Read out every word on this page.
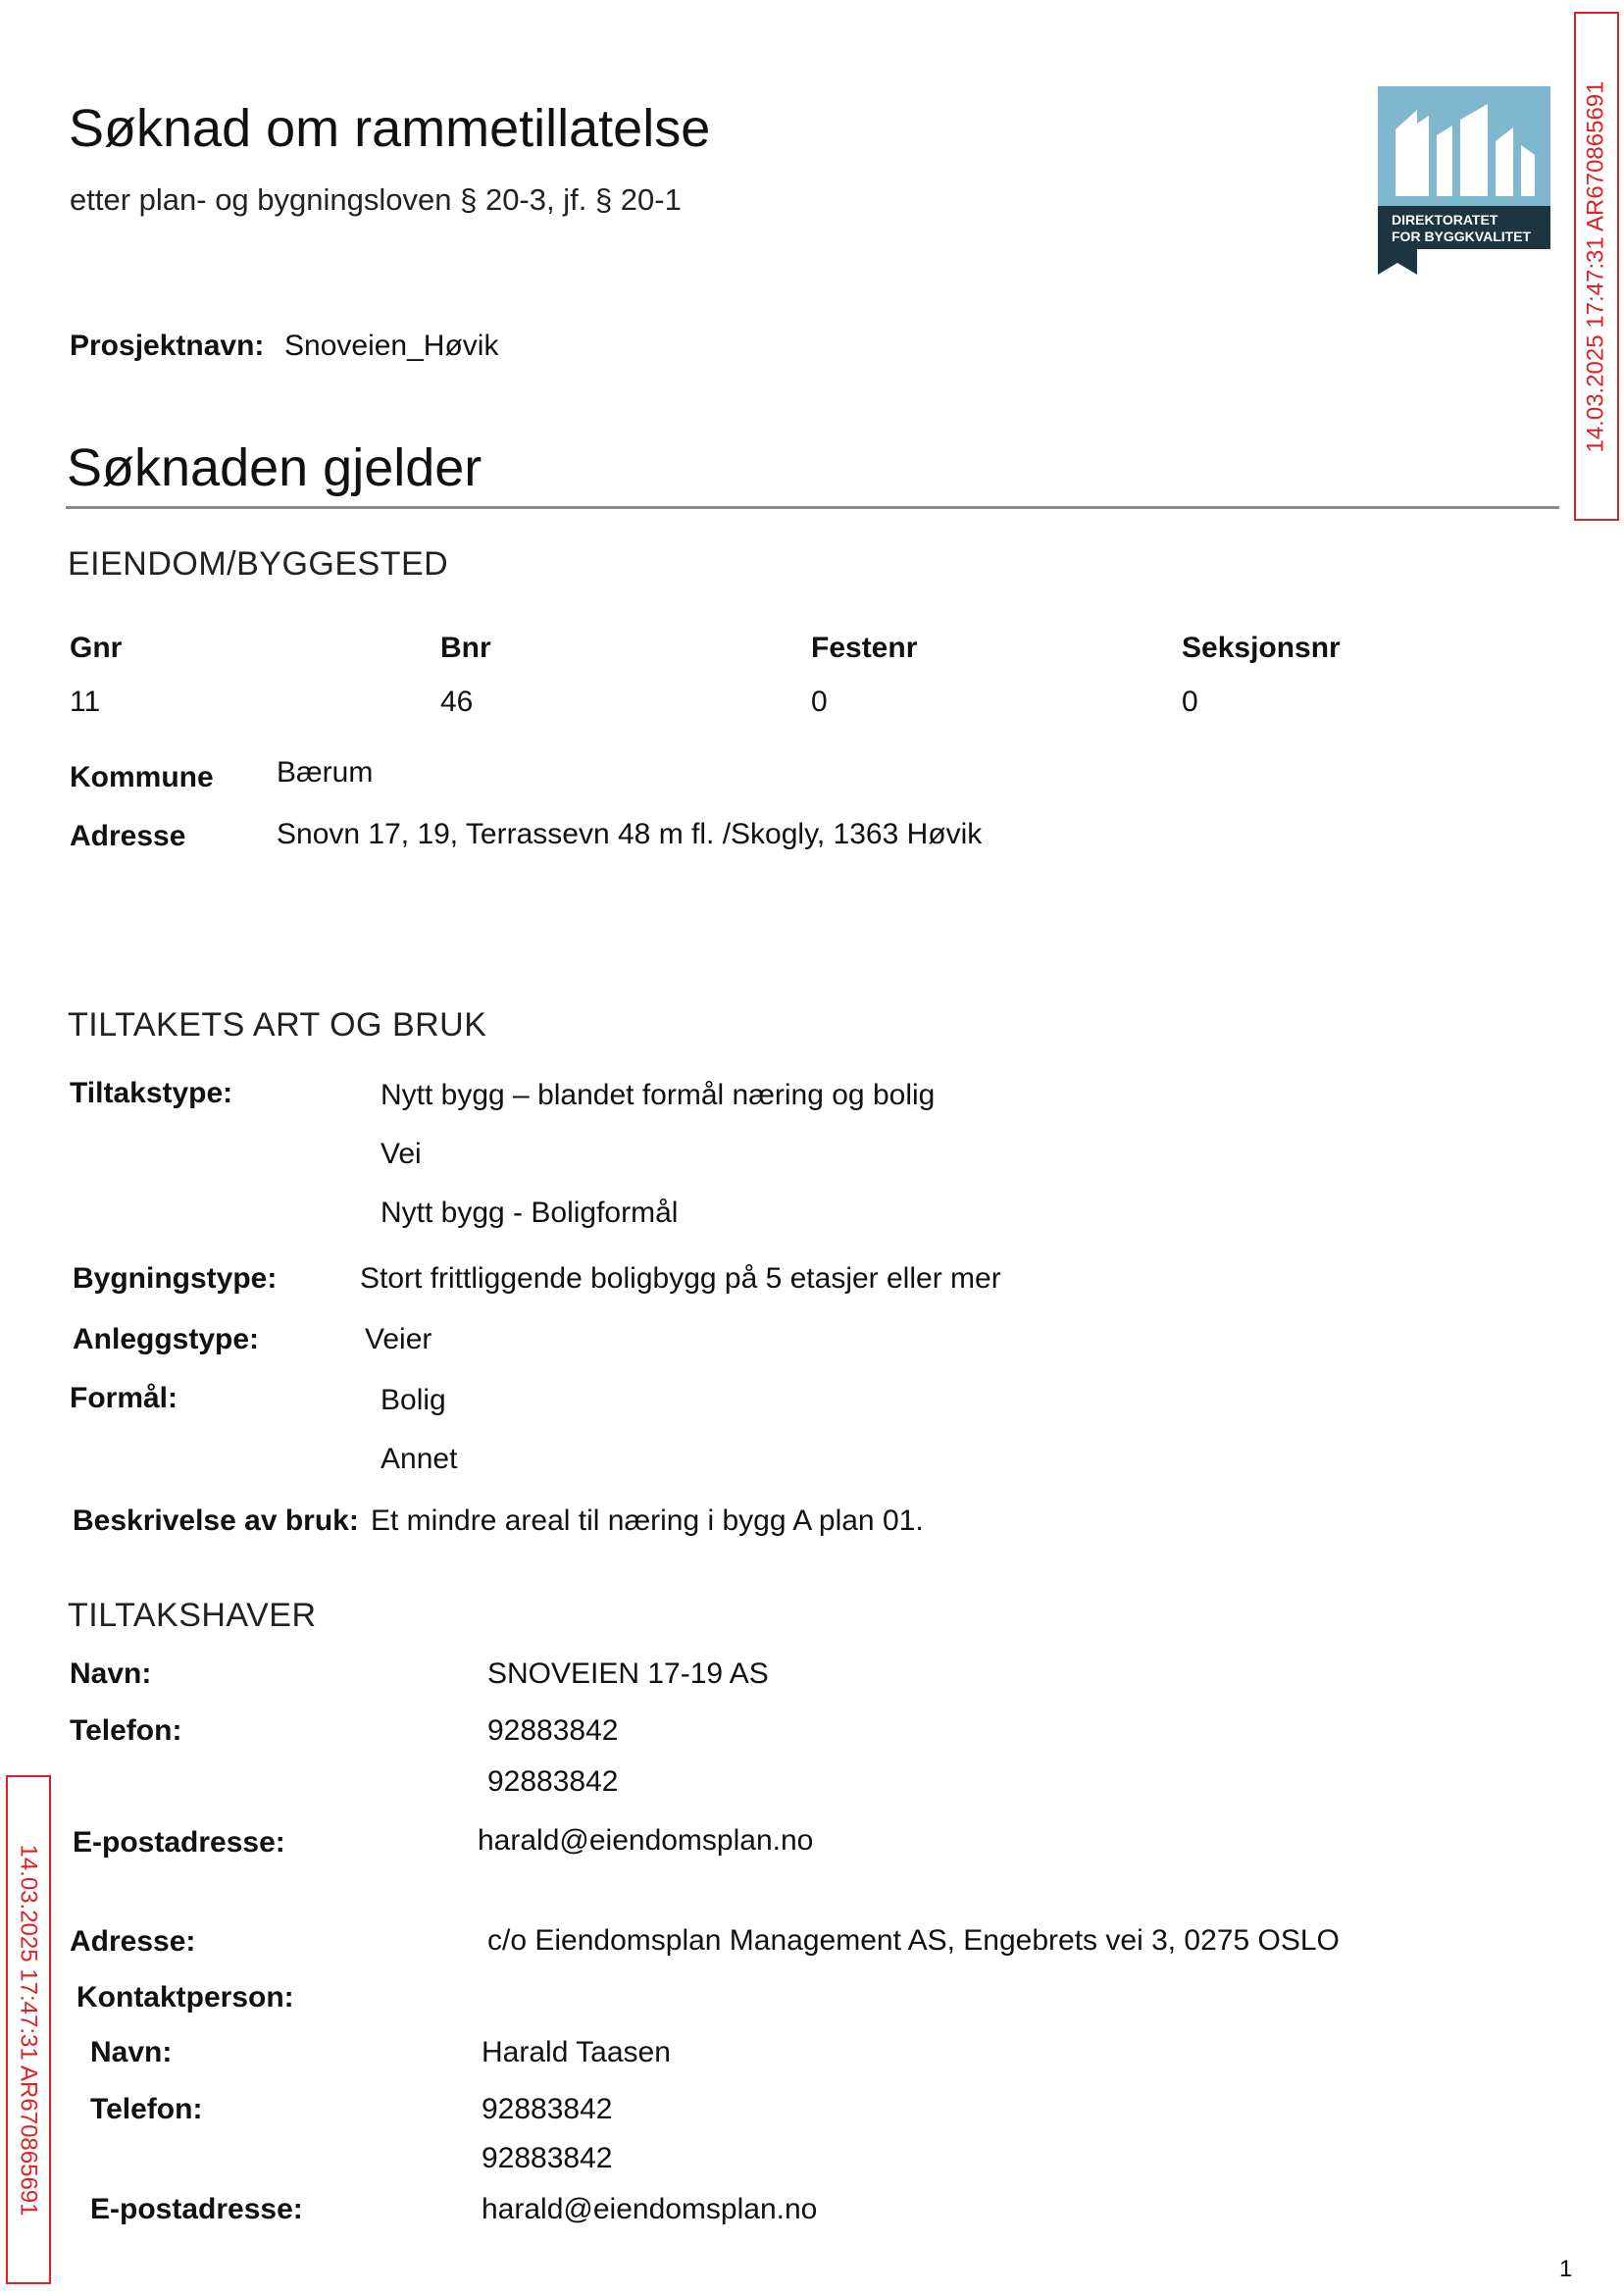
Søknad om rammetillatelse
etter plan- og bygningsloven § 20-3, jf. § 20-1
DIREKTORATET
FOR BYGGKVALITET 14.03.2025 17:47:31 AR670865691
14.03.2025 17:47:31 AR670865691
Prosjektnavn: Snoveien_Høvik
Søknaden gjelder
EIENDOM/BYGGESTED
Gnr	Bnr	Festenr	Seksjonsnr
11	46	0	0
Kommune Bærum
Adresse	Snovn 17, 19, Terrassevn 48 m fl. /Skogly, 1363 Høvik
TILTAKETS ART OG BRUK
Tiltakstype:	Nytt bygg – blandet formål næring og bolig
Vei
Nytt bygg - Boligformål
Bygningstype:	Stort frittliggende boligbygg på 5 etasjer eller mer
Anleggstype:	Veier
Formål:	Bolig
Annet
Beskrivelse av bruk: Et mindre areal til næring i bygg A plan 01.
TILTAKSHAVER
Navn:	SNOVEIEN 17-19 AS
Telefon:	92883842
92883842
E-postadresse:	harald@eiendomsplan.no
Adresse:	c/o Eiendomsplan Management AS, Engebrets vei 3, 0275 OSLO
Kontaktperson:
Navn:	Harald Taasen
Telefon:	92883842
92883842
E-postadresse:	harald@eiendomsplan.no
1
